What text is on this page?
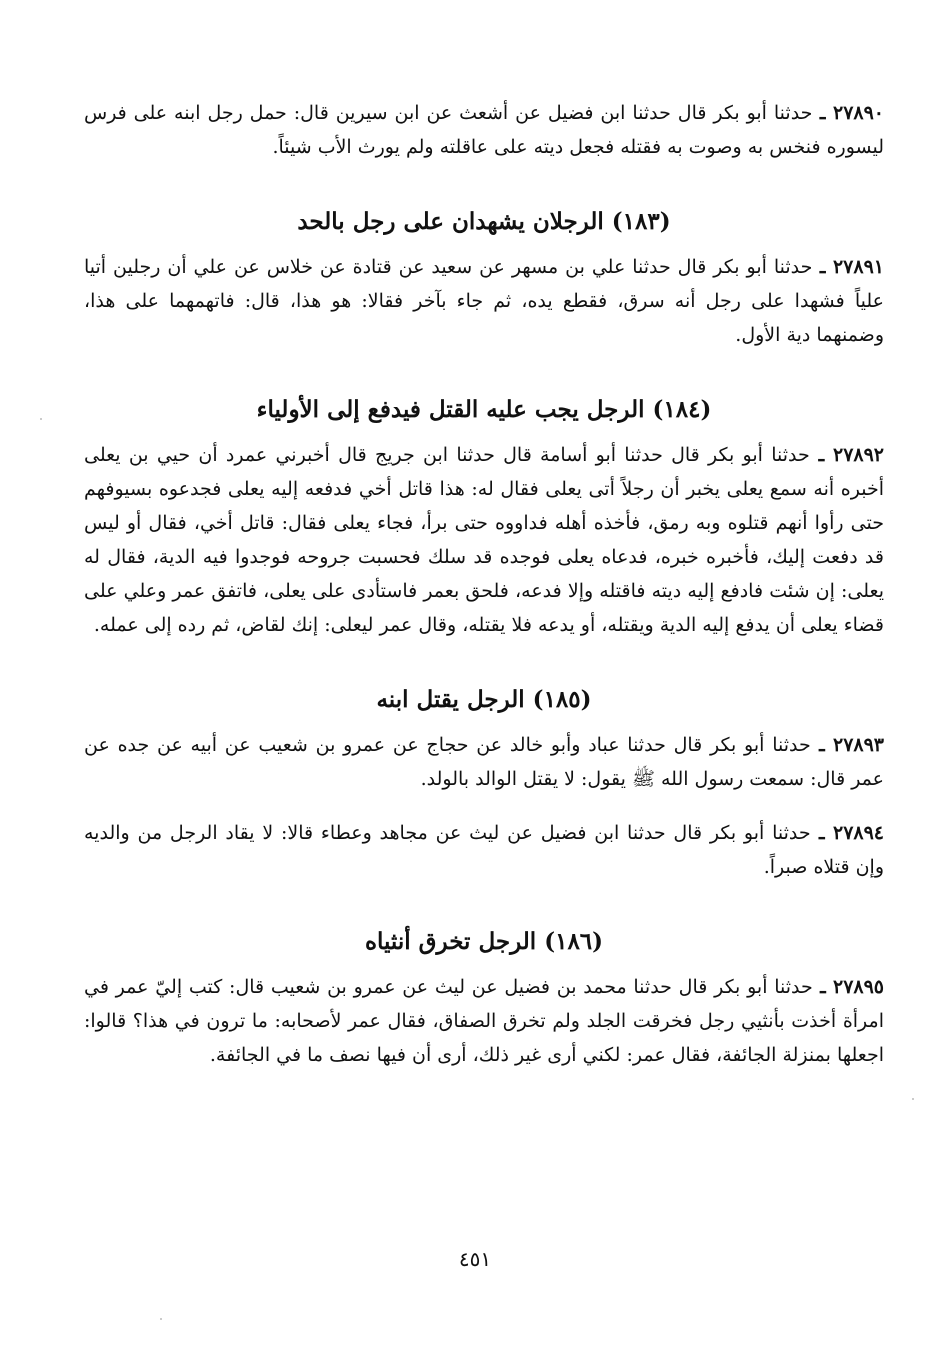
٢٧٨٩٠ ـ حدثنا أبو بكر قال حدثنا ابن فضيل عن أشعث عن ابن سيرين قال: حمل رجل ابنه على فرس ليسوره فنخس به وصوت به فقتله فجعل ديته على عاقلته ولم يورث الأب شيئاً.

(١٨٣) الرجلان يشهدان على رجل بالحد

٢٧٨٩١ ـ حدثنا أبو بكر قال حدثنا علي بن مسهر عن سعيد عن قتادة عن خلاس عن علي أن رجلين أتيا علياً فشهدا على رجل أنه سرق، فقطع يده، ثم جاء بآخر فقالا: هو هذا، قال: فاتهمهما على هذا، وضمنهما دية الأول.

(١٨٤) الرجل يجب عليه القتل فيدفع إلى الأولياء

٢٧٨٩٢ ـ حدثنا أبو بكر قال حدثنا أبو أسامة قال حدثنا ابن جريج قال أخبرني عمرد أن حيي بن يعلى أخبره أنه سمع يعلى يخبر أن رجلاً أتى يعلى فقال له: هذا قاتل أخي فدفعه إليه يعلى فجدعوه بسيوفهم حتى رأوا أنهم قتلوه وبه رمق، فأخذه أهله فداووه حتى برأ، فجاء يعلى فقال: قاتل أخي، فقال أو ليس قد دفعت إليك، فأخبره خبره، فدعاه يعلى فوجده قد سلك فحسبت جروحه فوجدوا فيه الدية، فقال له يعلى: إن شئت فادفع إليه ديته فاقتله وإلا فدعه، فلحق بعمر فاستأدى على يعلى، فاتفق عمر وعلي على قضاء يعلى أن يدفع إليه الدية ويقتله، أو يدعه فلا يقتله، وقال عمر ليعلى: إنك لقاض، ثم رده إلى عمله.

(١٨٥) الرجل يقتل ابنه

٢٧٨٩٣ ـ حدثنا أبو بكر قال حدثنا عباد وأبو خالد عن حجاج عن عمرو بن شعيب عن أبيه عن جده عن عمر قال: سمعت رسول الله ﷺ يقول: لا يقتل الوالد بالولد.

٢٧٨٩٤ ـ حدثنا أبو بكر قال حدثنا ابن فضيل عن ليث عن مجاهد وعطاء قالا: لا يقاد الرجل من والديه وإن قتلاه صبراً.

(١٨٦) الرجل تخرق أنثياه

٢٧٨٩٥ ـ حدثنا أبو بكر قال حدثنا محمد بن فضيل عن ليث عن عمرو بن شعيب قال: كتب إليّ عمر في امرأة أخذت بأنثيي رجل فخرقت الجلد ولم تخرق الصفاق، فقال عمر لأصحابه: ما ترون في هذا؟ قالوا: اجعلها بمنزلة الجائفة، فقال عمر: لكني أرى غير ذلك، أرى أن فيها نصف ما في الجائفة.

٤٥١
